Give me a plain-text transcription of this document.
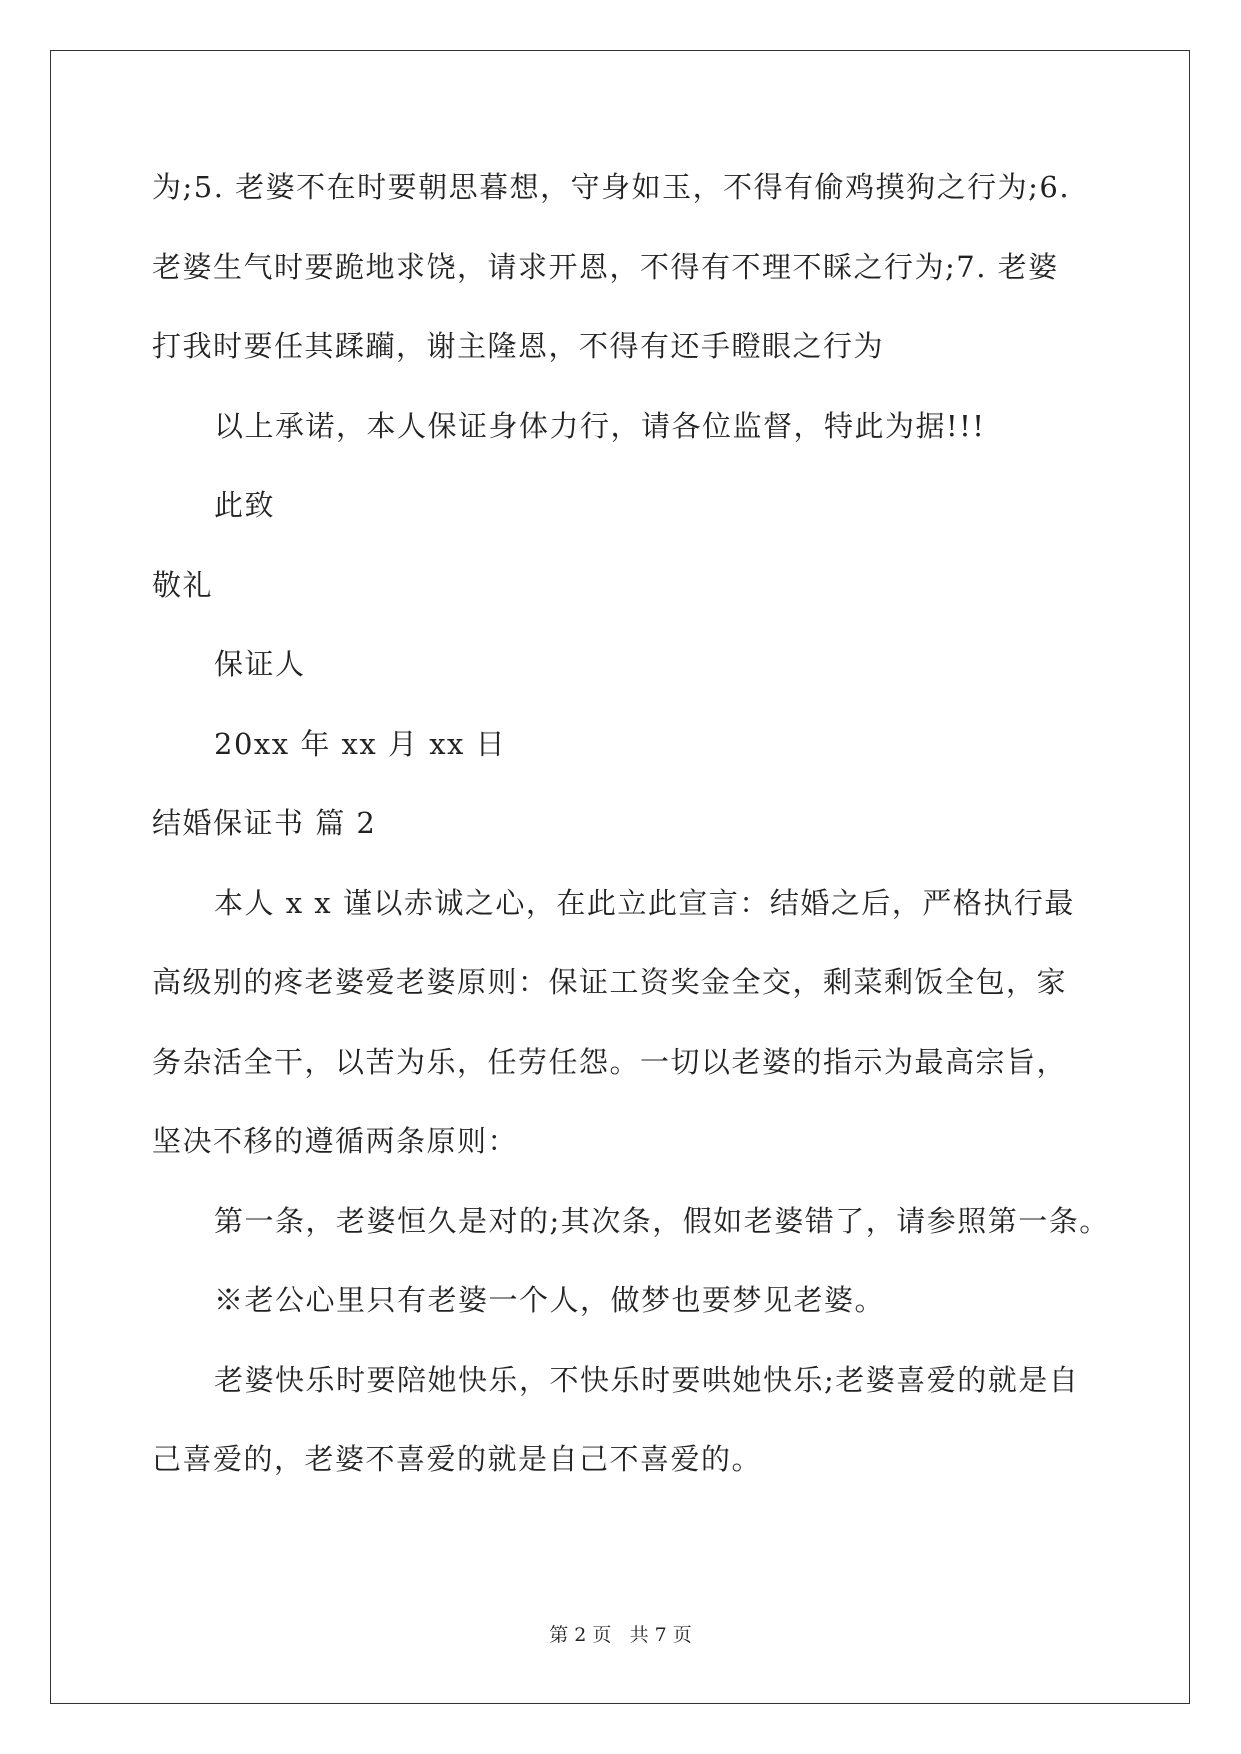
为;5. 老婆不在时要朝思暮想，守身如玉，不得有偷鸡摸狗之行为;6.
老婆生气时要跪地求饶，请求开恩，不得有不理不睬之行为;7. 老婆
打我时要任其蹂躏，谢主隆恩，不得有还手瞪眼之行为
以上承诺，本人保证身体力行，请各位监督，特此为据!!!
此致
敬礼
保证人
20xx 年 xx 月 xx 日
结婚保证书 篇 2
本人 x x 谨以赤诚之心，在此立此宣言：结婚之后，严格执行最
高级别的疼老婆爱老婆原则：保证工资奖金全交，剩菜剩饭全包，家
务杂活全干，以苦为乐，任劳任怨。一切以老婆的指示为最高宗旨，
坚决不移的遵循两条原则：
第一条，老婆恒久是对的;其次条，假如老婆错了，请参照第一条。
※老公心里只有老婆一个人，做梦也要梦见老婆。
老婆快乐时要陪她快乐，不快乐时要哄她快乐;老婆喜爱的就是自
己喜爱的，老婆不喜爱的就是自己不喜爱的。
第 2 页 共 7 页
